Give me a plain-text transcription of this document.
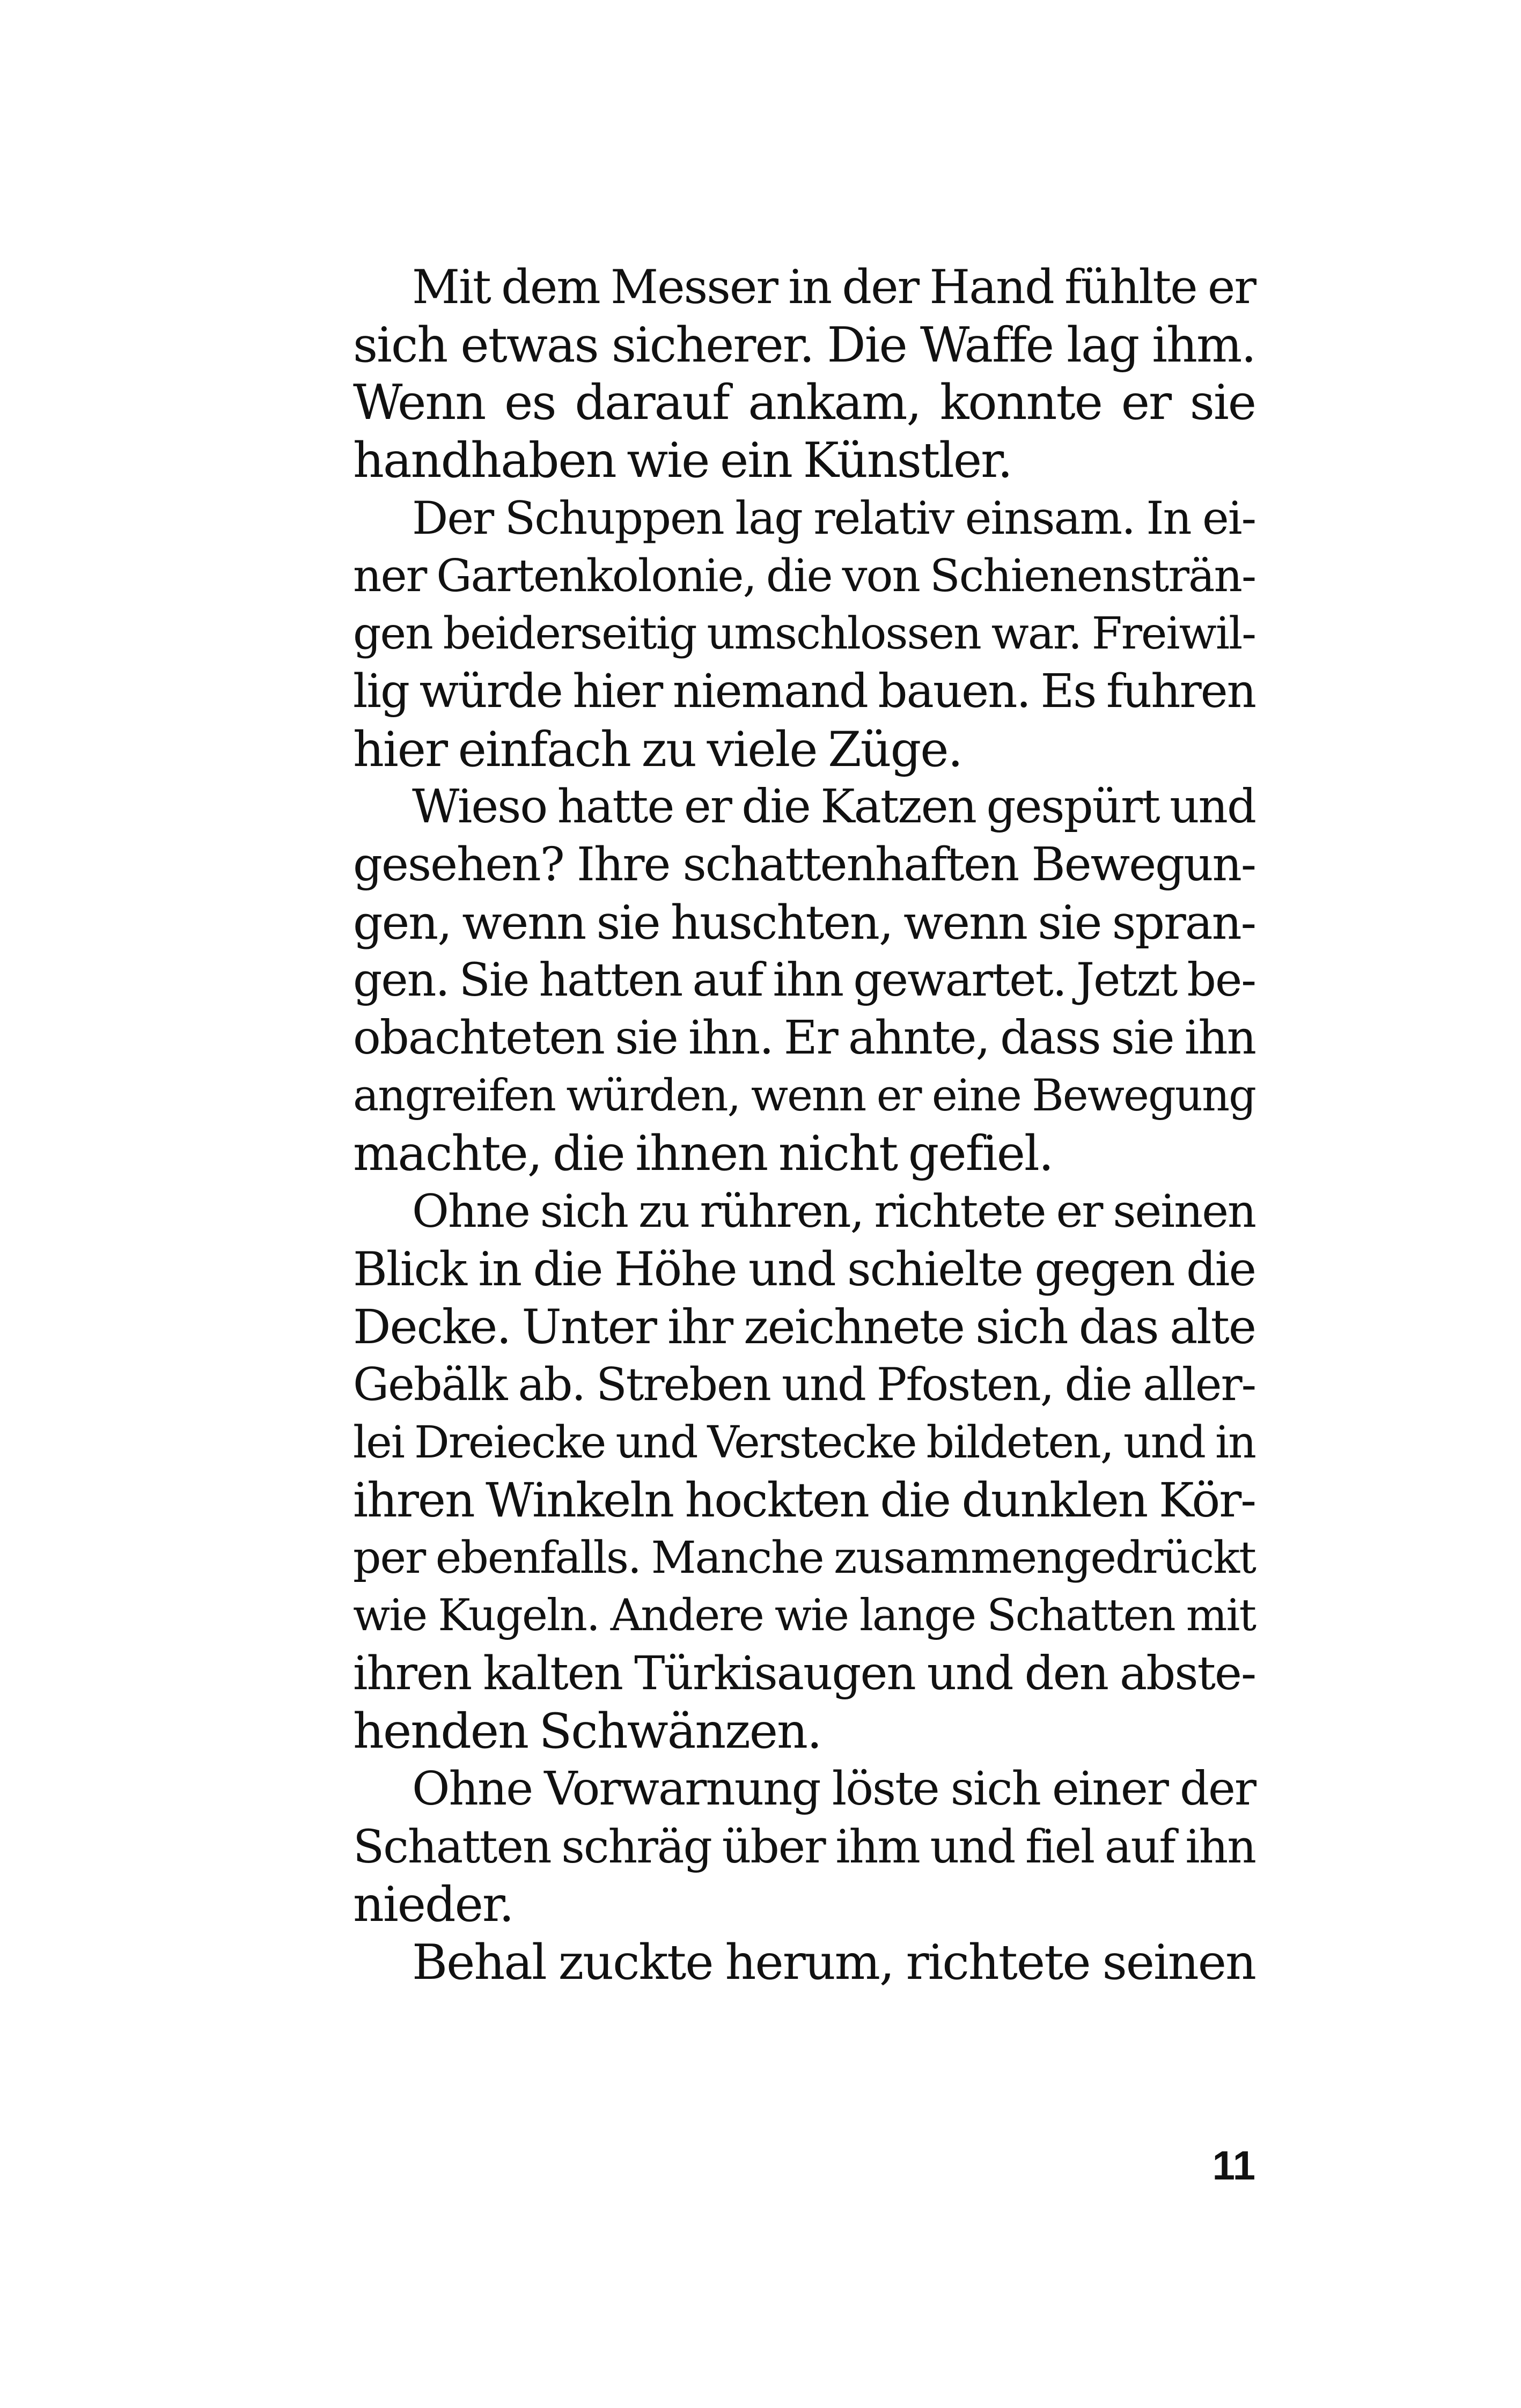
Mit dem Messer in der Hand fühlte er
sich etwas sicherer. Die Waffe lag ihm.
Wenn es darauf ankam, konnte er sie
handhaben wie ein Künstler.
Der Schuppen lag relativ einsam. In ei-
ner Gartenkolonie, die von Schienensträn-
gen beiderseitig umschlossen war. Freiwil-
lig würde hier niemand bauen. Es fuhren
hier einfach zu viele Züge.
Wieso hatte er die Katzen gespürt und
gesehen? Ihre schattenhaften Bewegun-
gen, wenn sie huschten, wenn sie spran-
gen. Sie hatten auf ihn gewartet. Jetzt be-
obachteten sie ihn. Er ahnte, dass sie ihn
angreifen würden, wenn er eine Bewegung
machte, die ihnen nicht gefiel.
Ohne sich zu rühren, richtete er seinen
Blick in die Höhe und schielte gegen die
Decke. Unter ihr zeichnete sich das alte
Gebälk ab. Streben und Pfosten, die aller-
lei Dreiecke und Verstecke bildeten, und in
ihren Winkeln hockten die dunklen Kör-
per ebenfalls. Manche zusammengedrückt
wie Kugeln. Andere wie lange Schatten mit
ihren kalten Türkisaugen und den abste-
henden Schwänzen.
Ohne Vorwarnung löste sich einer der
Schatten schräg über ihm und fiel auf ihn
nieder.
Behal zuckte herum, richtete seinen
11
